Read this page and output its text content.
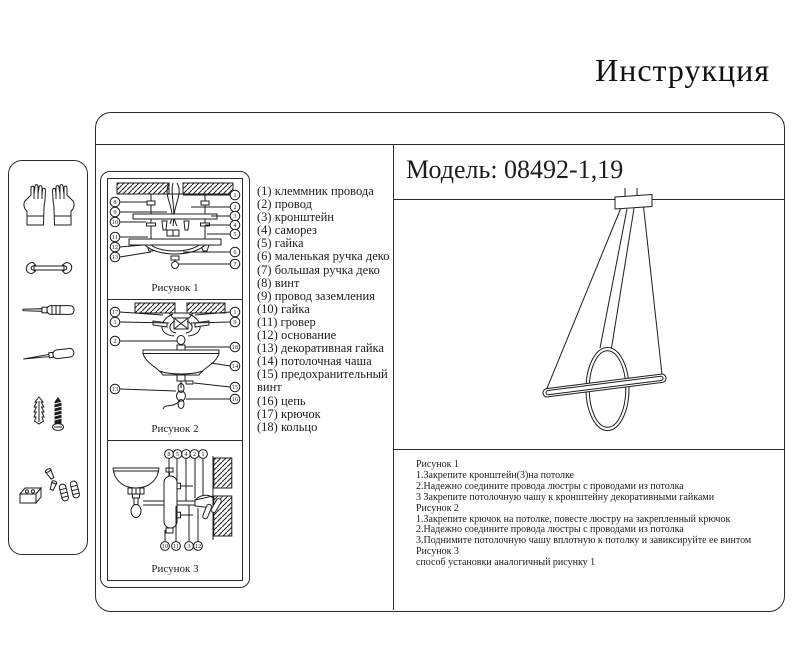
Инструкция
8
9
10
11
12
13
1
2
3
4
5
6
7
Рисунок 1
17
1
2
13
1
9
18
14
15
16
Рисунок 2
8 5 4 2 1
10 11 3 12
Рисунок 3
(1) клеммник провода
(2) провод
(3) кронштейн
(4) саморез
(5) гайка
(6) маленькая ручка деко
(7) большая ручка деко
(8) винт
(9) провод заземления
(10) гайка
(11) гровер
(12) основание
(13) декоративная гайка
(14) потолочная чаша
(15) предохранительный винт
(16) цепь
(17) крючок
(18) кольцо
Модель: 08492-1,19
Рисунок 1
1.Закрепите кронштейн(3)на потолке
2.Надежно соедините провода люстры с проводами из потолка
3 Закрепите потолочную чашу к кронштейну декоративными гайками
Рисунок 2
1.Закрепите крючок на потолке, повесте люстру на закрепленный крючок
2.Надежно соедините провода люстры с проводами из потолка
3.Поднимите потолочную чашу вплотную к потолку и завиксируйте ее винтом
Рисунок 3
способ установки аналогичный рисунку 1
